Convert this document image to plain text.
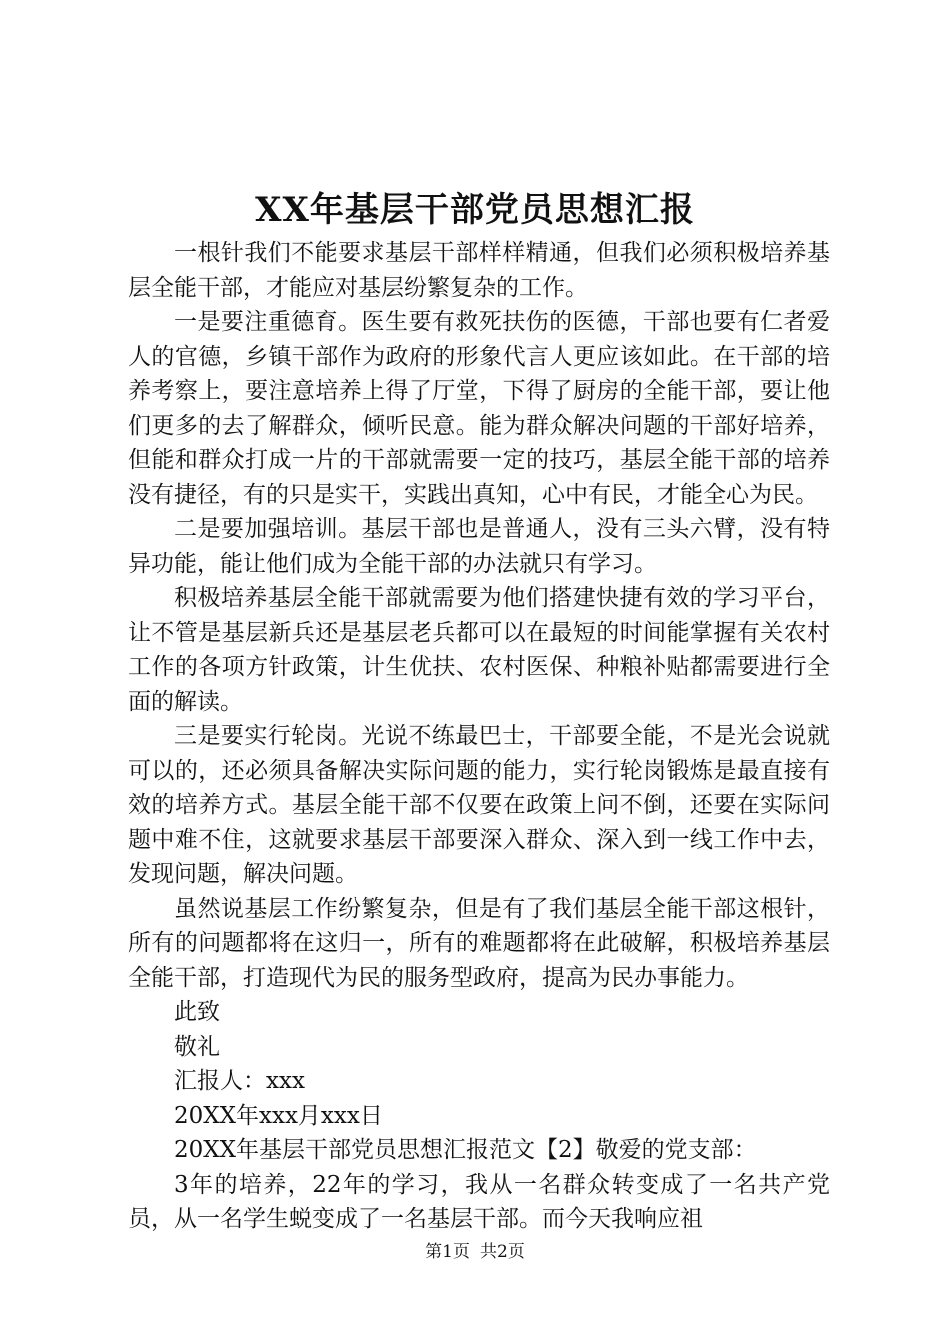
XX年基层干部党员思想汇报

一根针我们不能要求基层干部样样精通，但我们必须积极培养基层全能干部，才能应对基层纷繁复杂的工作。

一是要注重德育。医生要有救死扶伤的医德，干部也要有仁者爱人的官德，乡镇干部作为政府的形象代言人更应该如此。在干部的培养考察上，要注意培养上得了厅堂，下得了厨房的全能干部，要让他们更多的去了解群众，倾听民意。能为群众解决问题的干部好培养，但能和群众打成一片的干部就需要一定的技巧，基层全能干部的培养没有捷径，有的只是实干，实践出真知，心中有民，才能全心为民。

二是要加强培训。基层干部也是普通人，没有三头六臂，没有特异功能，能让他们成为全能干部的办法就只有学习。

积极培养基层全能干部就需要为他们搭建快捷有效的学习平台，让不管是基层新兵还是基层老兵都可以在最短的时间能掌握有关农村工作的各项方针政策，计生优扶、农村医保、种粮补贴都需要进行全面的解读。

三是要实行轮岗。光说不练最巴士，干部要全能，不是光会说就可以的，还必须具备解决实际问题的能力，实行轮岗锻炼是最直接有效的培养方式。基层全能干部不仅要在政策上问不倒，还要在实际问题中难不住，这就要求基层干部要深入群众、深入到一线工作中去，发现问题，解决问题。

虽然说基层工作纷繁复杂，但是有了我们基层全能干部这根针，所有的问题都将在这归一，所有的难题都将在此破解，积极培养基层全能干部，打造现代为民的服务型政府，提高为民办事能力。

此致

敬礼

汇报人：xxx

20XX年xxx月xxx日

20XX年基层干部党员思想汇报范文【2】敬爱的党支部：

3年的培养，22年的学习，我从一名群众转变成了一名共产党员，从一名学生蜕变成了一名基层干部。而今天我响应祖

第1页 共2页
